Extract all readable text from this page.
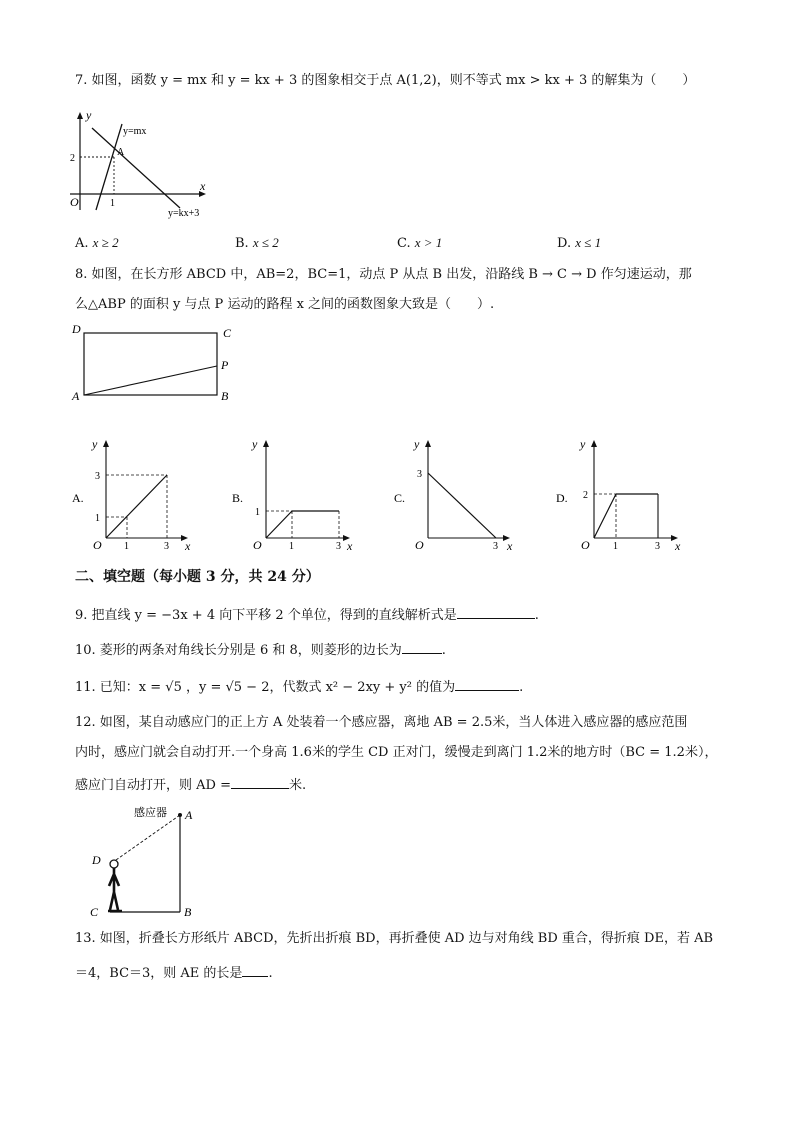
7. 如图，函数 y = mx 和 y = kx + 3 的图象相交于点 A(1,2)，则不等式 mx > kx + 3 的解集为（　　）
y
x
O	1
2
A
y=mx
y=kx+3
A. x ≥ 2	B. x ≤ 2	C. x > 1	D. x ≤ 1
8. 如图，在长方形 ABCD 中，AB=2，BC=1，动点 P 从点 B 出发，沿路线 B → C → D 作匀速运动，那
么△ABP 的面积 y 与点 P 运动的路程 x 之间的函数图象大致是（　　）.
D	C
P
A	B
A.
y
x
O 1	3
1
3
B.
y
x
O	1	3
1
C.
y
x
O	3
3
D.
y
x
O 1	3
2
二、填空题（每小题 3 分，共 24 分）
9. 把直线 y = −3x + 4 向下平移 2 个单位，得到的直线解析式是	.
10. 菱形的两条对角线长分别是 6 和 8，则菱形的边长为	.
11. 已知：x = √5 ，y = √5 − 2，代数式 x² − 2xy + y² 的值为	.
12. 如图，某自动感应门的正上方 A 处装着一个感应器，离地 AB = 2.5米，当人体进入感应器的感应范围
内时，感应门就会自动打开.一个身高 1.6米的学生 CD 正对门，缓慢走到离门 1.2米的地方时（BC = 1.2米），
感应门自动打开，则 AD =	米.
感应器 A
D
C	B
13. 如图，折叠长方形纸片 ABCD，先折出折痕 BD，再折叠使 AD 边与对角线 BD 重合，得折痕 DE，若 AB
＝4，BC＝3，则 AE 的长是 .
